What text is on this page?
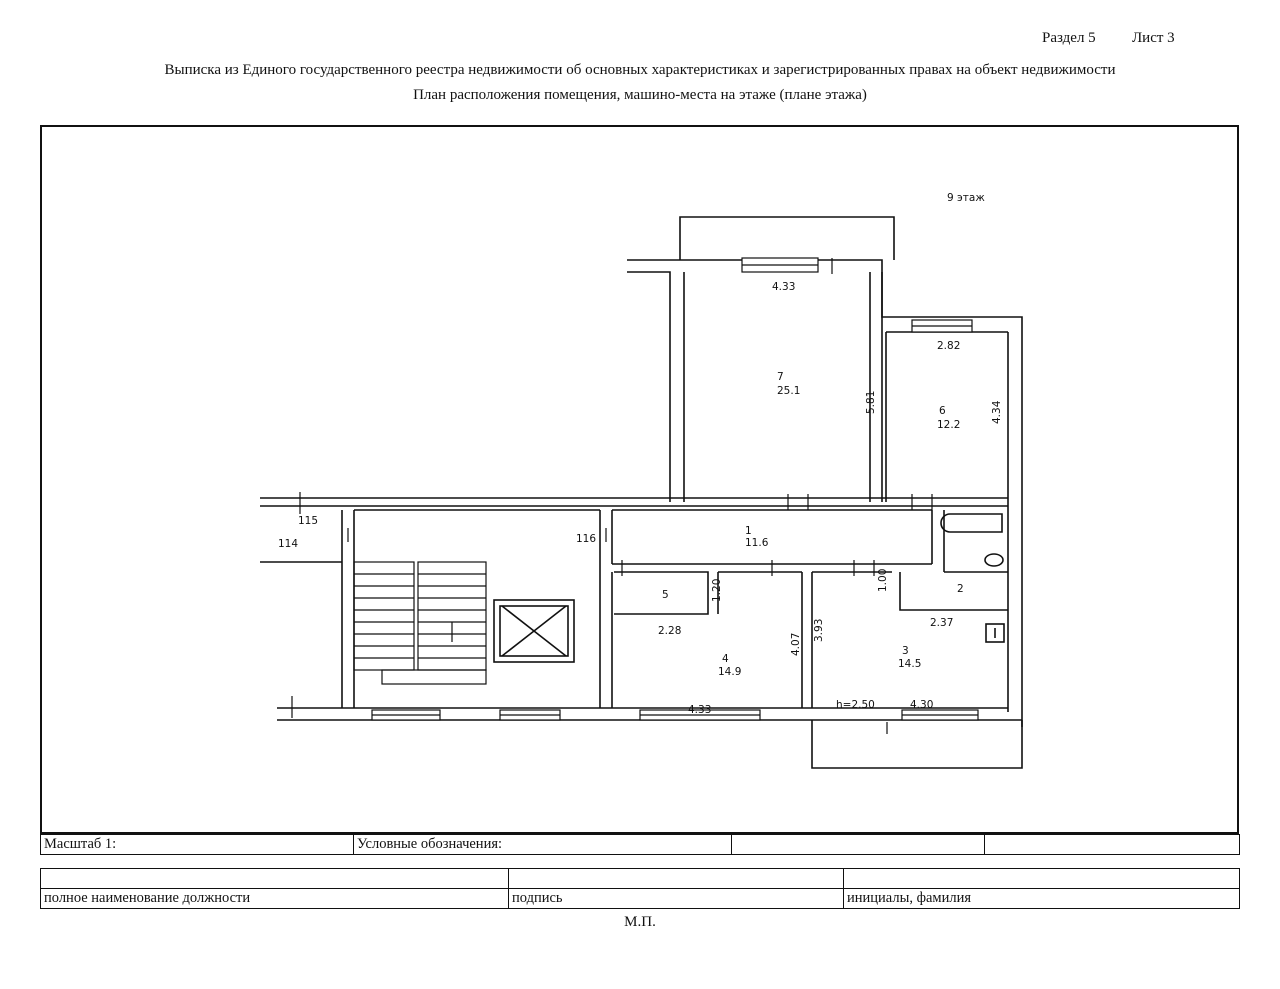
Раздел 5 Лист 3
Выписка из Единого государственного реестра недвижимости об основных характеристиках и зарегистрированных правах на объект недвижимости
План расположения помещения, машино-места на этаже (плане этажа)
9 этаж
4.33
7
25.1	5.81
2.82
6
12.2
4.34
115
114	116
1
11.6
2
1.00
5	1.20
2.28
2.37
4
14.9
4.07
3.93
3
14.5
4.33	h=2.50	4.30
Масштаб 1:	Условные обозначения:		

полное наименование должности	подпись	инициалы, фамилия
М.П.
